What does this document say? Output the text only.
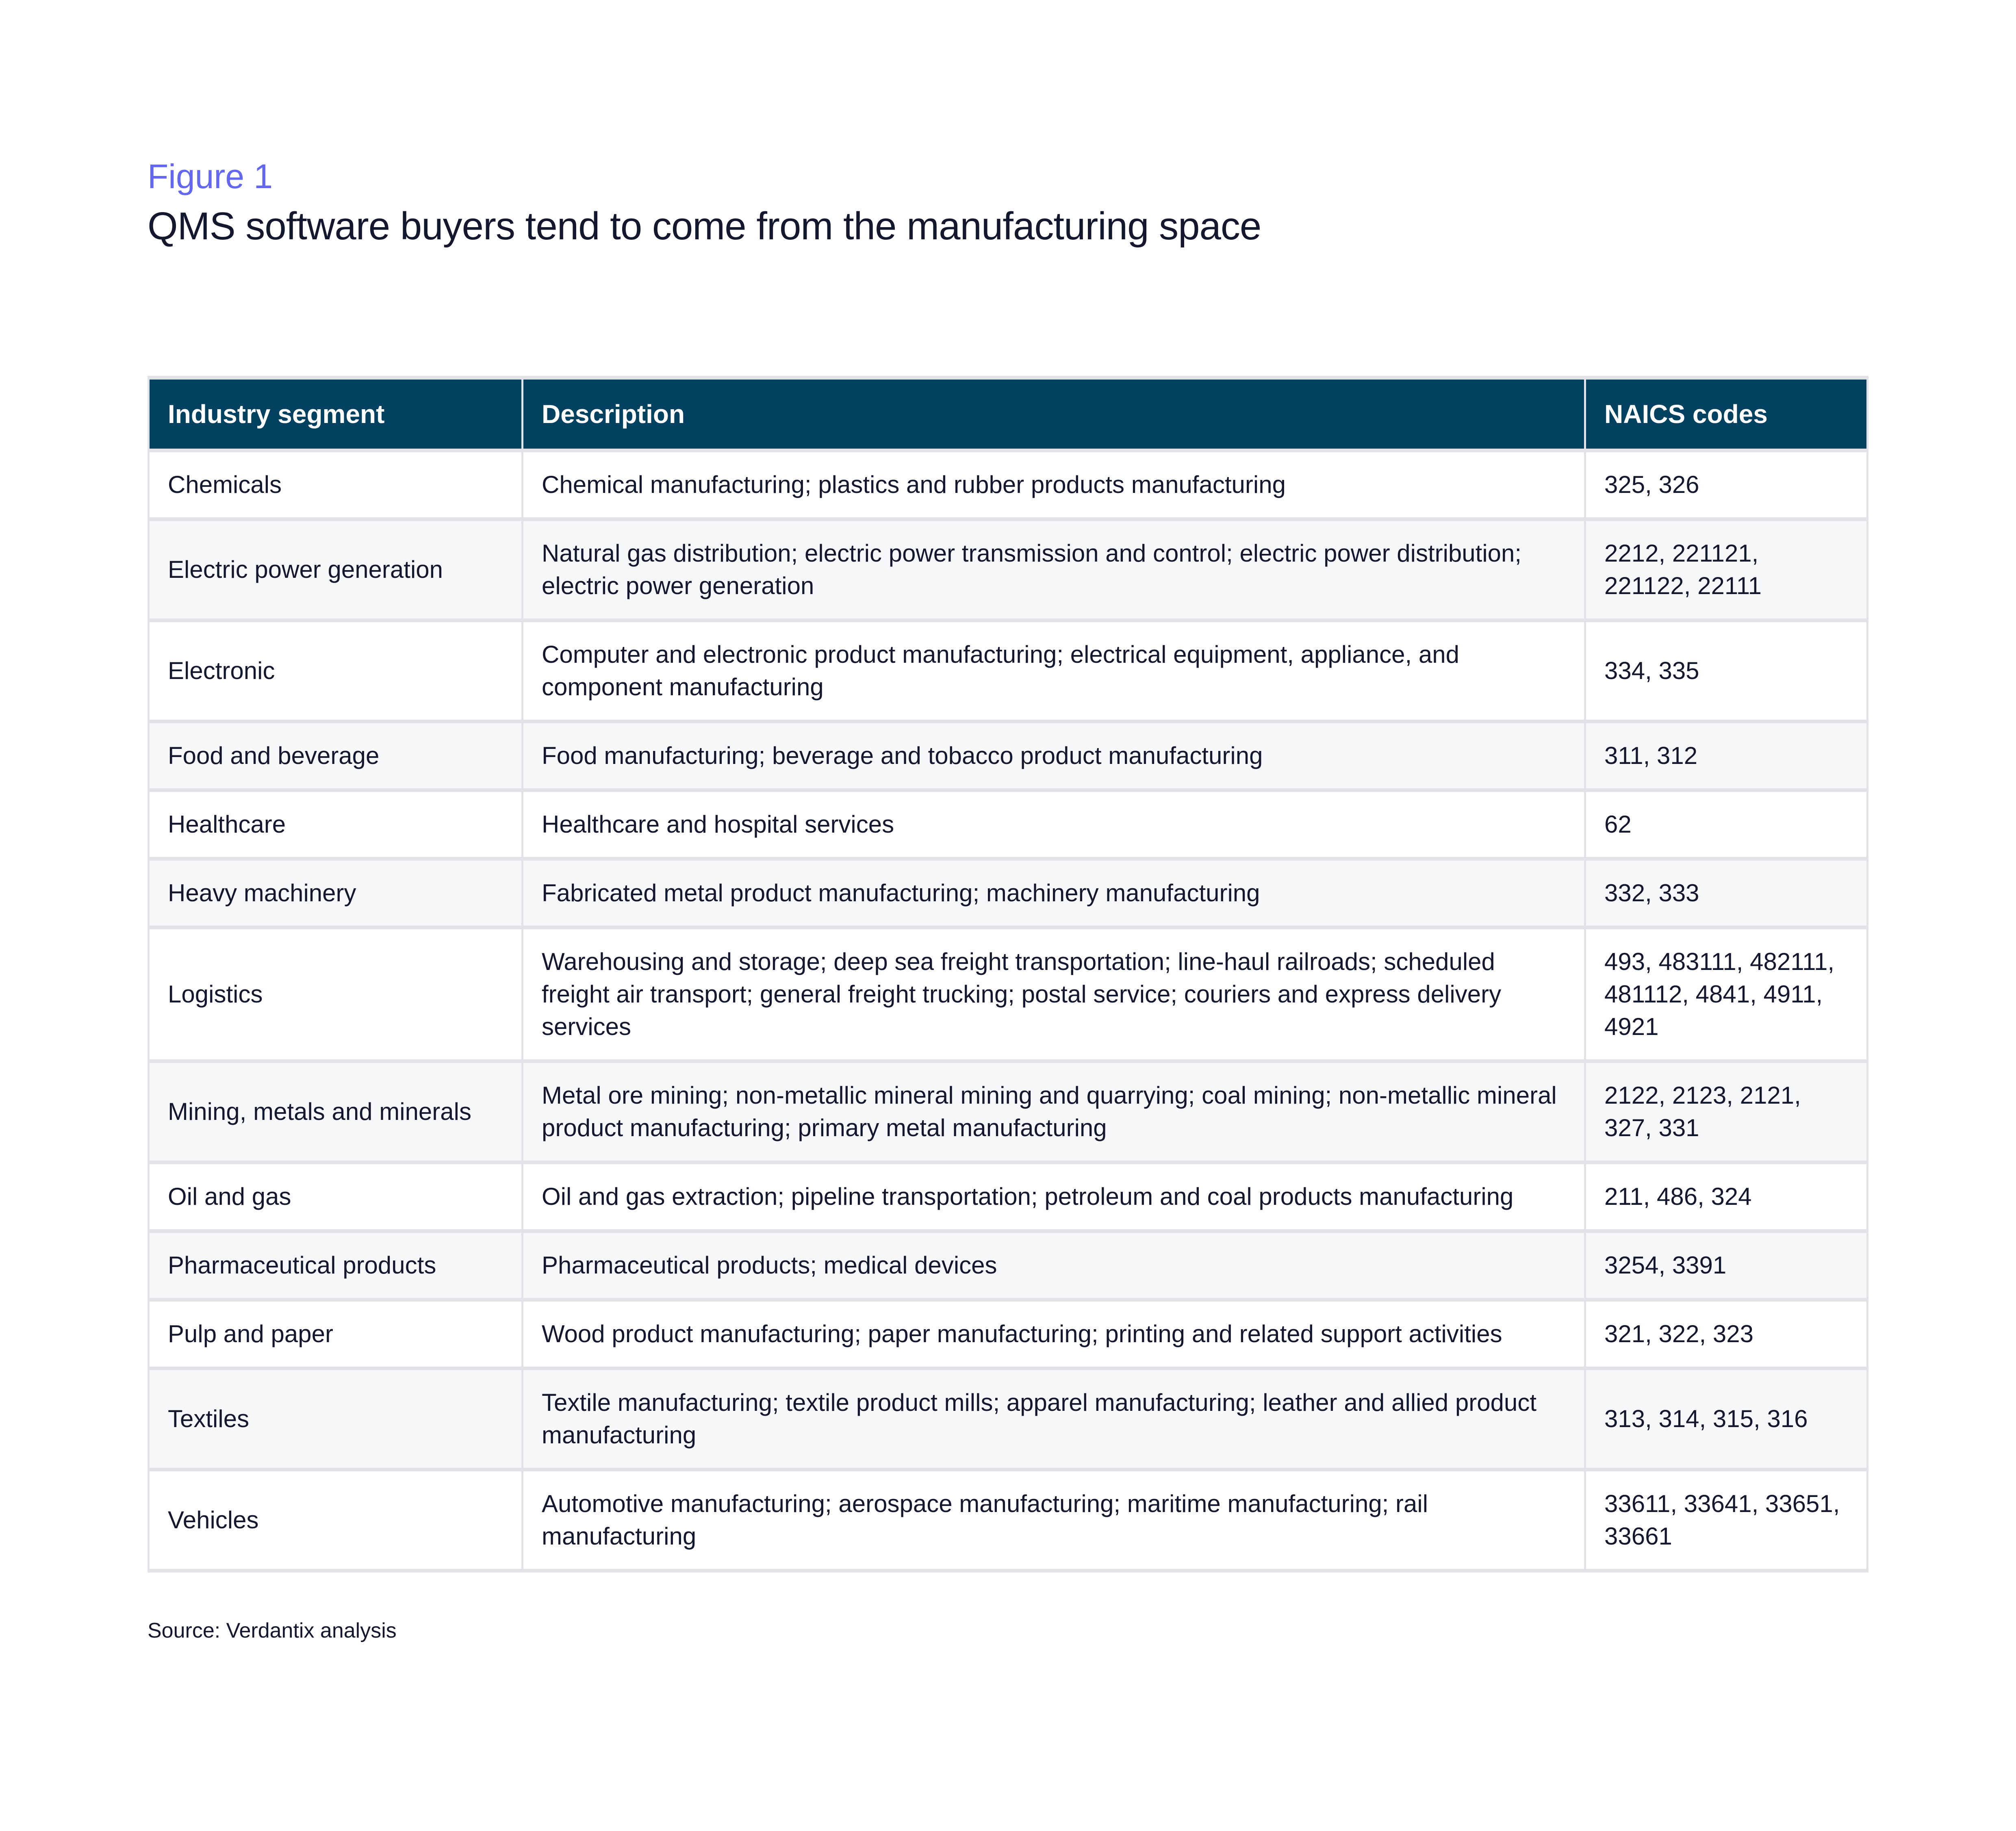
Figure 1
QMS software buyers tend to come from the manufacturing space
Industry segment	Description	NAICS codes
Chemicals	Chemical manufacturing; plastics and rubber products manufacturing	325, 326
Electric power generation	Natural gas distribution; electric power transmission and control; electric power distribution; electric power generation	2212, 221121, 221122, 22111
Electronic	Computer and electronic product manufacturing; electrical equipment, appliance, and component manufacturing	334, 335
Food and beverage	Food manufacturing; beverage and tobacco product manufacturing	311, 312
Healthcare	Healthcare and hospital services	62
Heavy machinery	Fabricated metal product manufacturing; machinery manufacturing	332, 333
Logistics	Warehousing and storage; deep sea freight transportation; line-haul railroads; scheduled freight air transport; general freight trucking; postal service; couriers and express delivery services	493, 483111, 482111, 481112, 4841, 4911, 4921
Mining, metals and minerals	Metal ore mining; non-metallic mineral mining and quarrying; coal mining; non-metallic mineral product manufacturing; primary metal manufacturing	2122, 2123, 2121, 327, 331
Oil and gas	Oil and gas extraction; pipeline transportation; petroleum and coal products manufacturing	211, 486, 324
Pharmaceutical products	Pharmaceutical products; medical devices	3254, 3391
Pulp and paper	Wood product manufacturing; paper manufacturing; printing and related support activities	321, 322, 323
Textiles	Textile manufacturing; textile product mills; apparel manufacturing; leather and allied product manufacturing	313, 314, 315, 316
Vehicles	Automotive manufacturing; aerospace manufacturing; maritime manufacturing; rail manufacturing	33611, 33641, 33651, 33661
Source: Verdantix analysis
